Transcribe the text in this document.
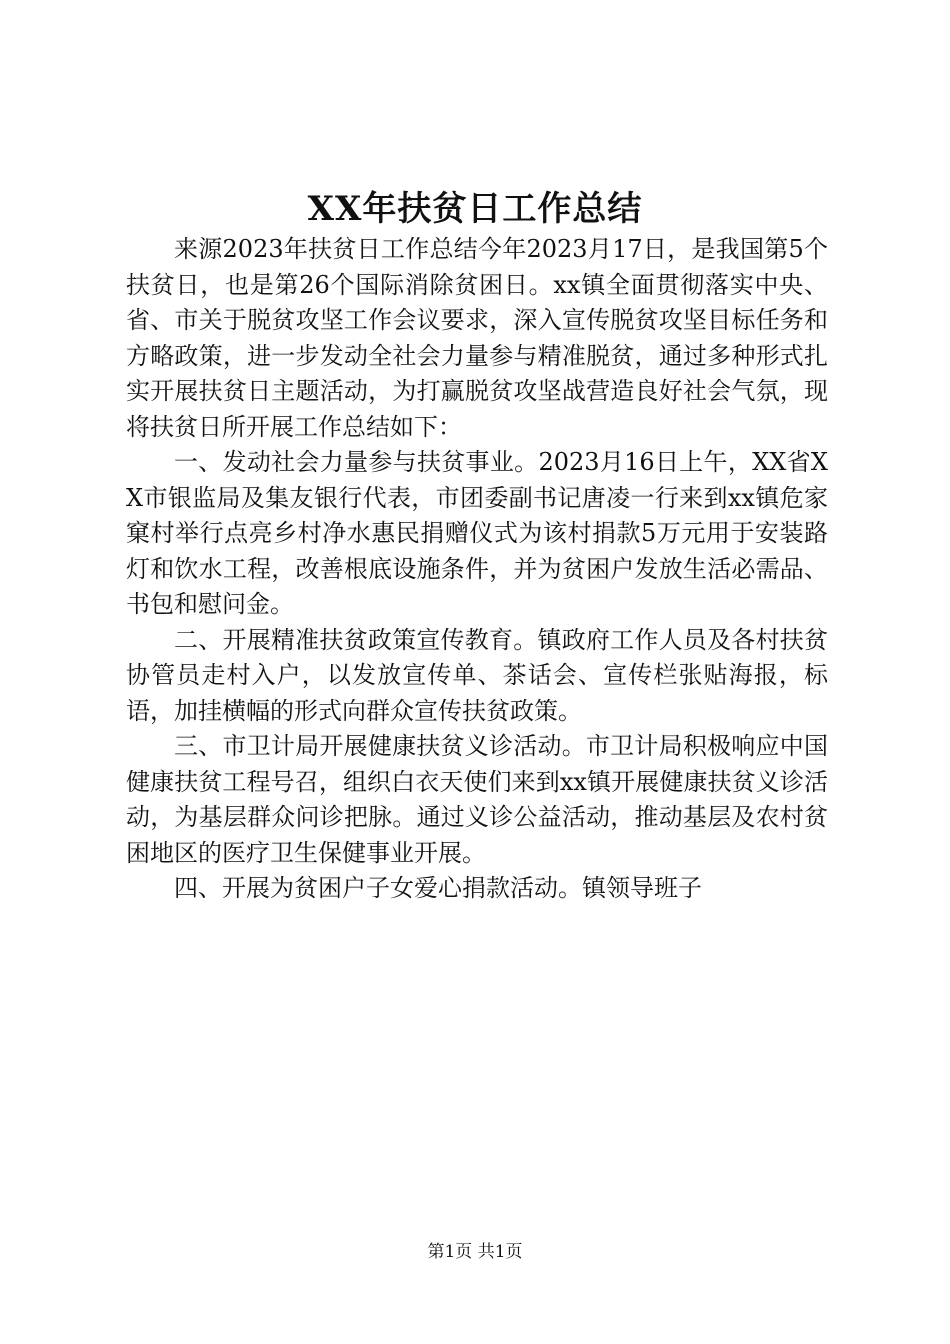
XX年扶贫日工作总结

来源2023年扶贫日工作总结今年2023月17日，是我国第5个扶贫日，也是第26个国际消除贫困日。xx镇全面贯彻落实中央、省、市关于脱贫攻坚工作会议要求，深入宣传脱贫攻坚目标任务和方略政策，进一步发动全社会力量参与精准脱贫，通过多种形式扎实开展扶贫日主题活动，为打赢脱贫攻坚战营造良好社会气氛，现将扶贫日所开展工作总结如下：

一、发动社会力量参与扶贫事业。2023月16日上午，XX省XX市银监局及集友银行代表，市团委副书记唐凌一行来到xx镇危家窠村举行点亮乡村净水惠民捐赠仪式为该村捐款5万元用于安装路灯和饮水工程，改善根底设施条件，并为贫困户发放生活必需品、书包和慰问金。

二、开展精准扶贫政策宣传教育。镇政府工作人员及各村扶贫协管员走村入户，以发放宣传单、茶话会、宣传栏张贴海报，标语，加挂横幅的形式向群众宣传扶贫政策。

三、市卫计局开展健康扶贫义诊活动。市卫计局积极响应中国健康扶贫工程号召，组织白衣天使们来到xx镇开展健康扶贫义诊活动，为基层群众问诊把脉。通过义诊公益活动，推动基层及农村贫困地区的医疗卫生保健事业开展。

四、开展为贫困户子女爱心捐款活动。镇领导班子

第1页 共1页
